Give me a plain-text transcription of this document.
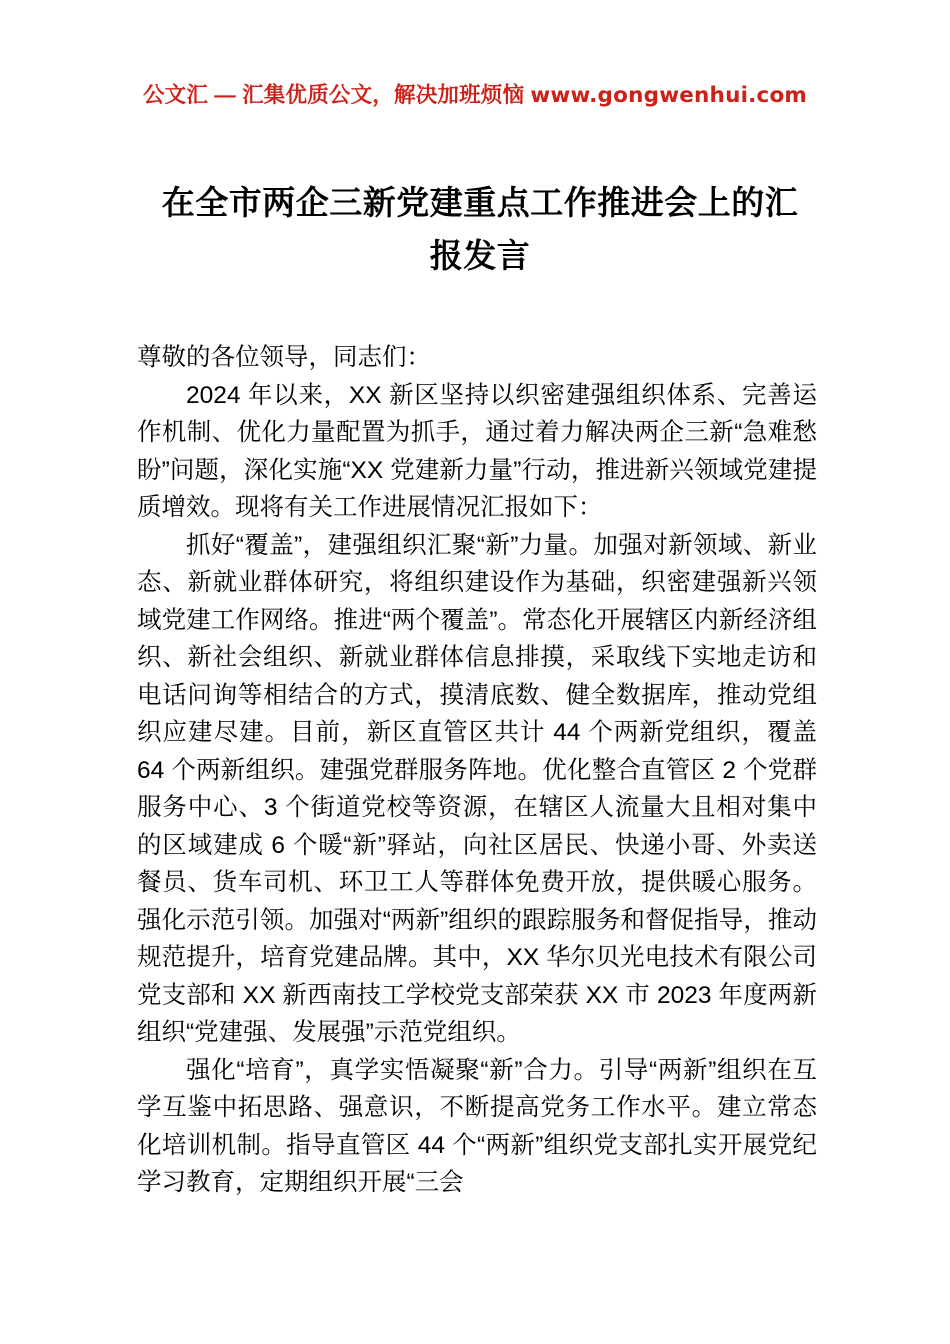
公文汇 — 汇集优质公文，解决加班烦恼 www.gongwenhui.com
在全市两企三新党建重点工作推进会上的汇报发言

尊敬的各位领导，同志们：

2024 年以来，XX 新区坚持以织密建强组织体系、完善运作机制、优化力量配置为抓手，通过着力解决两企三新“急难愁盼”问题，深化实施“XX 党建新力量”行动，推进新兴领域党建提质增效。现将有关工作进展情况汇报如下：

抓好“覆盖”，建强组织汇聚“新”力量。加强对新领域、新业态、新就业群体研究，将组织建设作为基础，织密建强新兴领域党建工作网络。推进“两个覆盖”。常态化开展辖区内新经济组织、新社会组织、新就业群体信息排摸，采取线下实地走访和电话问询等相结合的方式，摸清底数、健全数据库，推动党组织应建尽建。目前，新区直管区共计 44 个两新党组织，覆盖 64 个两新组织。建强党群服务阵地。优化整合直管区 2 个党群服务中心、3 个街道党校等资源，在辖区人流量大且相对集中的区域建成 6 个暖“新”驿站，向社区居民、快递小哥、外卖送餐员、货车司机、环卫工人等群体免费开放，提供暖心服务。强化示范引领。加强对“两新”组织的跟踪服务和督促指导，推动规范提升，培育党建品牌。其中，XX 华尔贝光电技术有限公司党支部和 XX 新西南技工学校党支部荣获 XX 市 2023 年度两新组织“党建强、发展强”示范党组织。

强化“培育”，真学实悟凝聚“新”合力。引导“两新”组织在互学互鉴中拓思路、强意识，不断提高党务工作水平。建立常态化培训机制。指导直管区 44 个“两新”组织党支部扎实开展党纪学习教育，定期组织开展“三会
